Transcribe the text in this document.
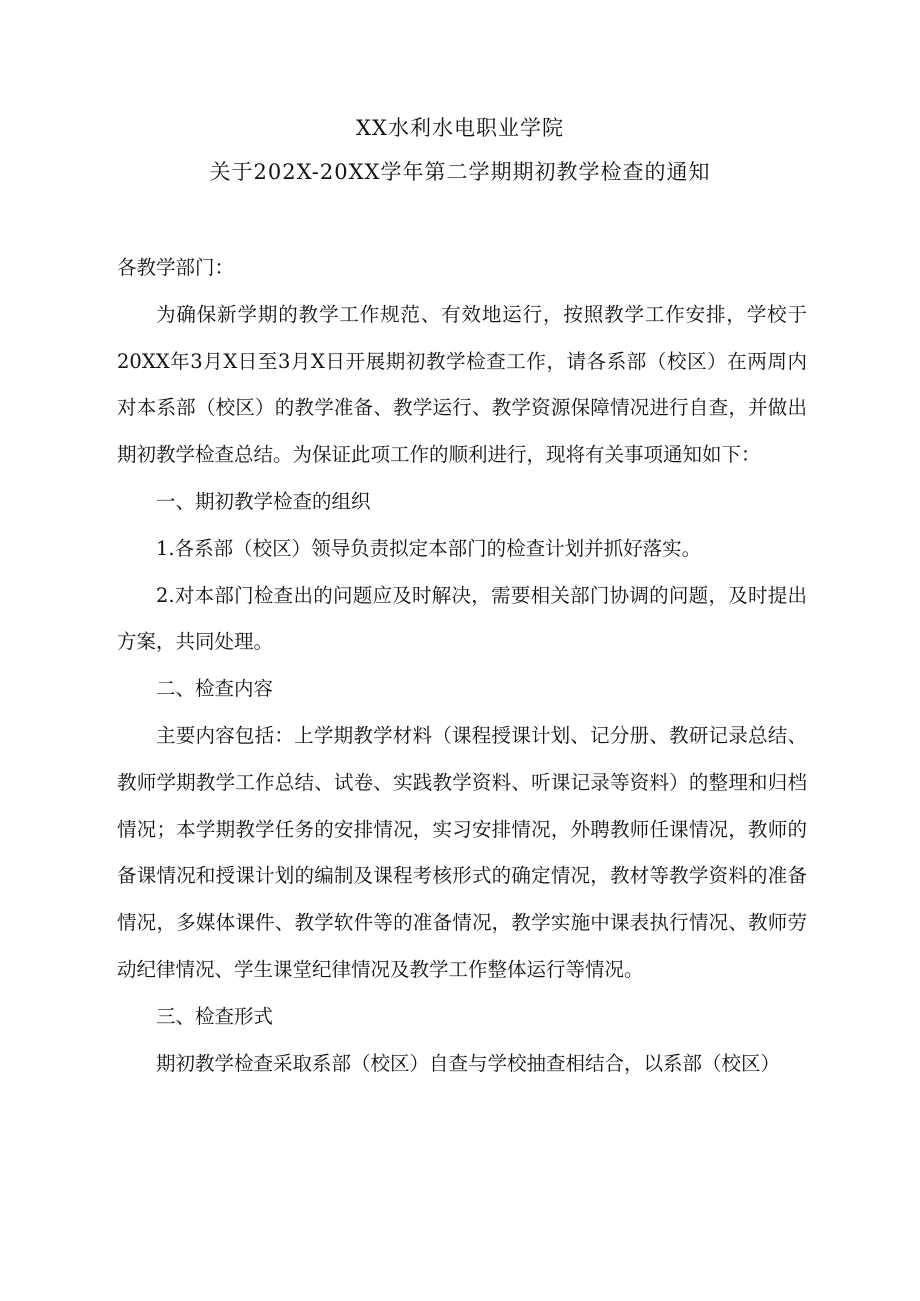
XX水利水电职业学院
关于202X-20XX学年第二学期期初教学检查的通知

各教学部门：

为确保新学期的教学工作规范、有效地运行，按照教学工作安排，学校于20XX年3月X日至3月X日开展期初教学检查工作，请各系部（校区）在两周内对本系部（校区）的教学准备、教学运行、教学资源保障情况进行自查，并做出期初教学检查总结。为保证此项工作的顺利进行，现将有关事项通知如下：

一、期初教学检查的组织

1.各系部（校区）领导负责拟定本部门的检查计划并抓好落实。

2.对本部门检查出的问题应及时解决，需要相关部门协调的问题，及时提出方案，共同处理。

二、检查内容

主要内容包括：上学期教学材料（课程授课计划、记分册、教研记录总结、教师学期教学工作总结、试卷、实践教学资料、听课记录等资料）的整理和归档情况；本学期教学任务的安排情况，实习安排情况，外聘教师任课情况，教师的备课情况和授课计划的编制及课程考核形式的确定情况，教材等教学资料的准备情况，多媒体课件、教学软件等的准备情况，教学实施中课表执行情况、教师劳动纪律情况、学生课堂纪律情况及教学工作整体运行等情况。

三、检查形式

期初教学检查采取系部（校区）自查与学校抽查相结合，以系部（校区）
